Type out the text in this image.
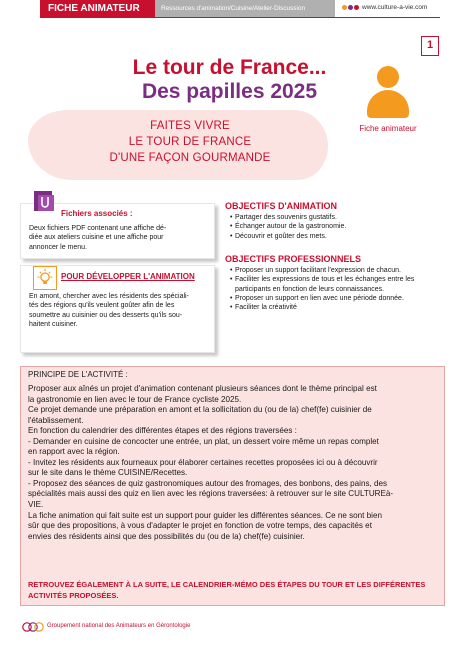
FICHE ANIMATEUR	Ressources d'animation/Cuisine/Atelier-Discussion	www.culture-a-vie.com
1
Le tour de France...
Des papilles 2025
Fiche animateur
FAITES VIVRE
LE TOUR DE FRANCE
D'UNE FAÇON GOURMANDE
Fichiers associés :
Deux fichiers PDF contenant une affiche dé-
diée aux ateliers cuisine et une affiche pour
annoncer le menu.
POUR DÉVELOPPER L'ANIMATION
En amont, chercher avec les résidents des spéciali-
tés des régions qu'ils veulent goûter afin de les
soumettre au cuisinier ou des desserts qu'ils sou-
haitent cuisiner.
OBJECTIFS D'ANIMATION
• Partager des souvenirs gustatifs.
• Échanger autour de la gastronomie.
• Découvrir et goûter des mets.
OBJECTIFS PROFESSIONNELS
• Proposer un support facilitant l'expression de chacun.
• Faciliter les expressions de tous et les échanges entre les
participants en fonction de leurs connaissances.
• Proposer un support en lien avec une période donnée.
• Faciliter la créativité
PRINCIPE DE L'ACTIVITÉ :

Proposer aux aînés un projet d'animation contenant plusieurs séances dont le thème principal est

la gastronomie en lien avec le tour de France cycliste 2025.

Ce projet demande une préparation en amont et la sollicitation du (ou de la) chef(fe) cuisinier de

l'établissement.

En fonction du calendrier des différentes étapes et des régions traversées :

- Demander en cuisine de concocter une entrée, un plat, un dessert voire même un repas complet

en rapport avec la région.

- Invitez les résidents aux fourneaux pour élaborer certaines recettes proposées ici ou à découvrir

sur le site dans le thème CUISINE/Recettes.

- Proposez des séances de quiz gastronomiques autour des fromages, des bonbons, des pains, des

spécialités mais aussi des quiz en lien avec les régions traversées: à retrouver sur le site CULTUREà-

VIE.

La fiche animation qui fait suite est un support pour guider les différentes séances. Ce ne sont bien

sûr que des propositions, à vous d'adapter le projet en fonction de votre temps, des capacités et

envies des résidents ainsi que des possibilités du (ou de la) chef(fe) cuisinier.

RETROUVEZ ÉGALEMENT À LA SUITE, LE CALENDRIER-MÉMO DES ÉTAPES DU TOUR ET LES DIFFÉRENTES
ACTIVITÉS PROPOSÉES.
Groupement national des Animateurs en Gérontologie
